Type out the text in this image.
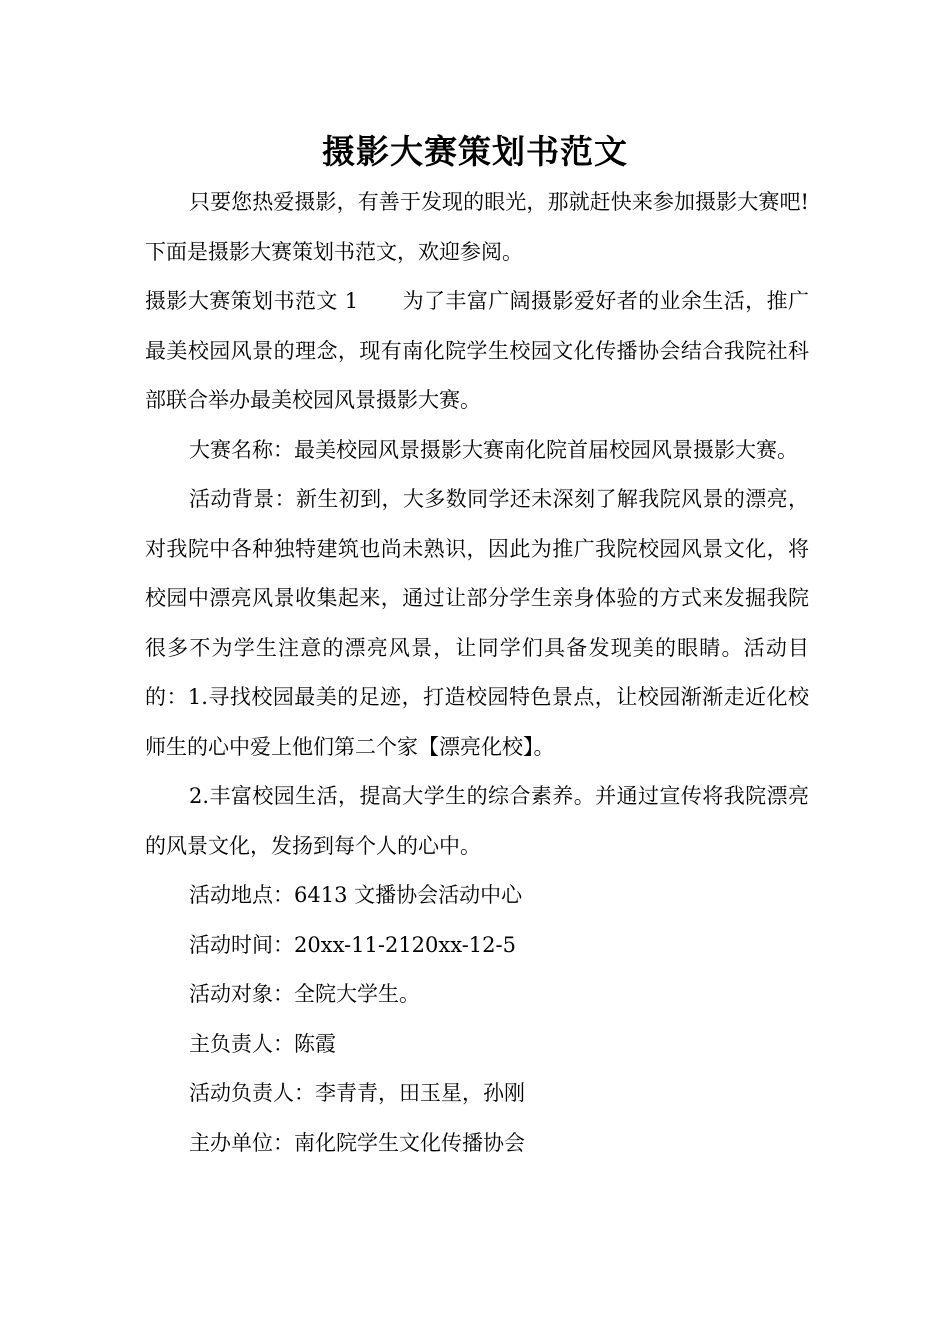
摄影大赛策划书范文

只要您热爱摄影，有善于发现的眼光，那就赶快来参加摄影大赛吧!下面是摄影大赛策划书范文，欢迎参阅。

摄影大赛策划书范文 1 为了丰富广阔摄影爱好者的业余生活，推广最美校园风景的理念，现有南化院学生校园文化传播协会结合我院社科部联合举办最美校园风景摄影大赛。

大赛名称：最美校园风景摄影大赛南化院首届校园风景摄影大赛。

活动背景：新生初到，大多数同学还未深刻了解我院风景的漂亮，对我院中各种独特建筑也尚未熟识，因此为推广我院校园风景文化，将校园中漂亮风景收集起来，通过让部分学生亲身体验的方式来发掘我院很多不为学生注意的漂亮风景，让同学们具备发现美的眼睛。活动目的：1.寻找校园最美的足迹，打造校园特色景点，让校园渐渐走近化校师生的心中爱上他们第二个家【漂亮化校】。

2.丰富校园生活，提高大学生的综合素养。并通过宣传将我院漂亮的风景文化，发扬到每个人的心中。

活动地点：6413 文播协会活动中心

活动时间：20xx-11-2120xx-12-5

活动对象：全院大学生。

主负责人：陈霞

活动负责人：李青青，田玉星，孙刚

主办单位：南化院学生文化传播协会
